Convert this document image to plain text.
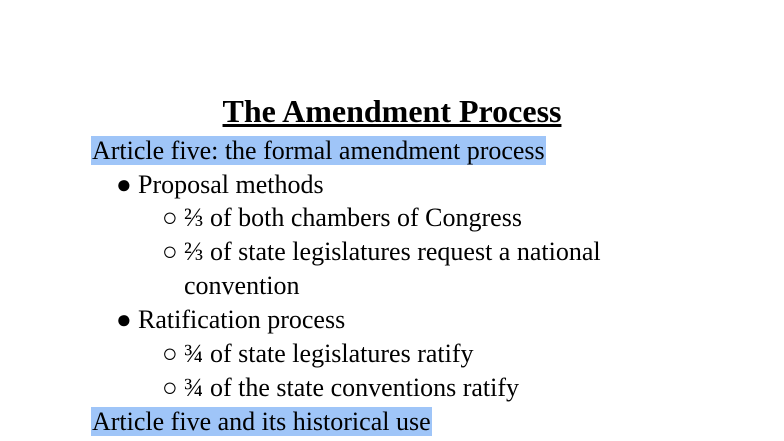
The Amendment Process
Article five: the formal amendment process
● Proposal methods
○ ⅔ of both chambers of Congress
○ ⅔ of state legislatures request a national
convention
● Ratification process
○ ¾ of state legislatures ratify
○ ¾ of the state conventions ratify
Article five and its historical use
